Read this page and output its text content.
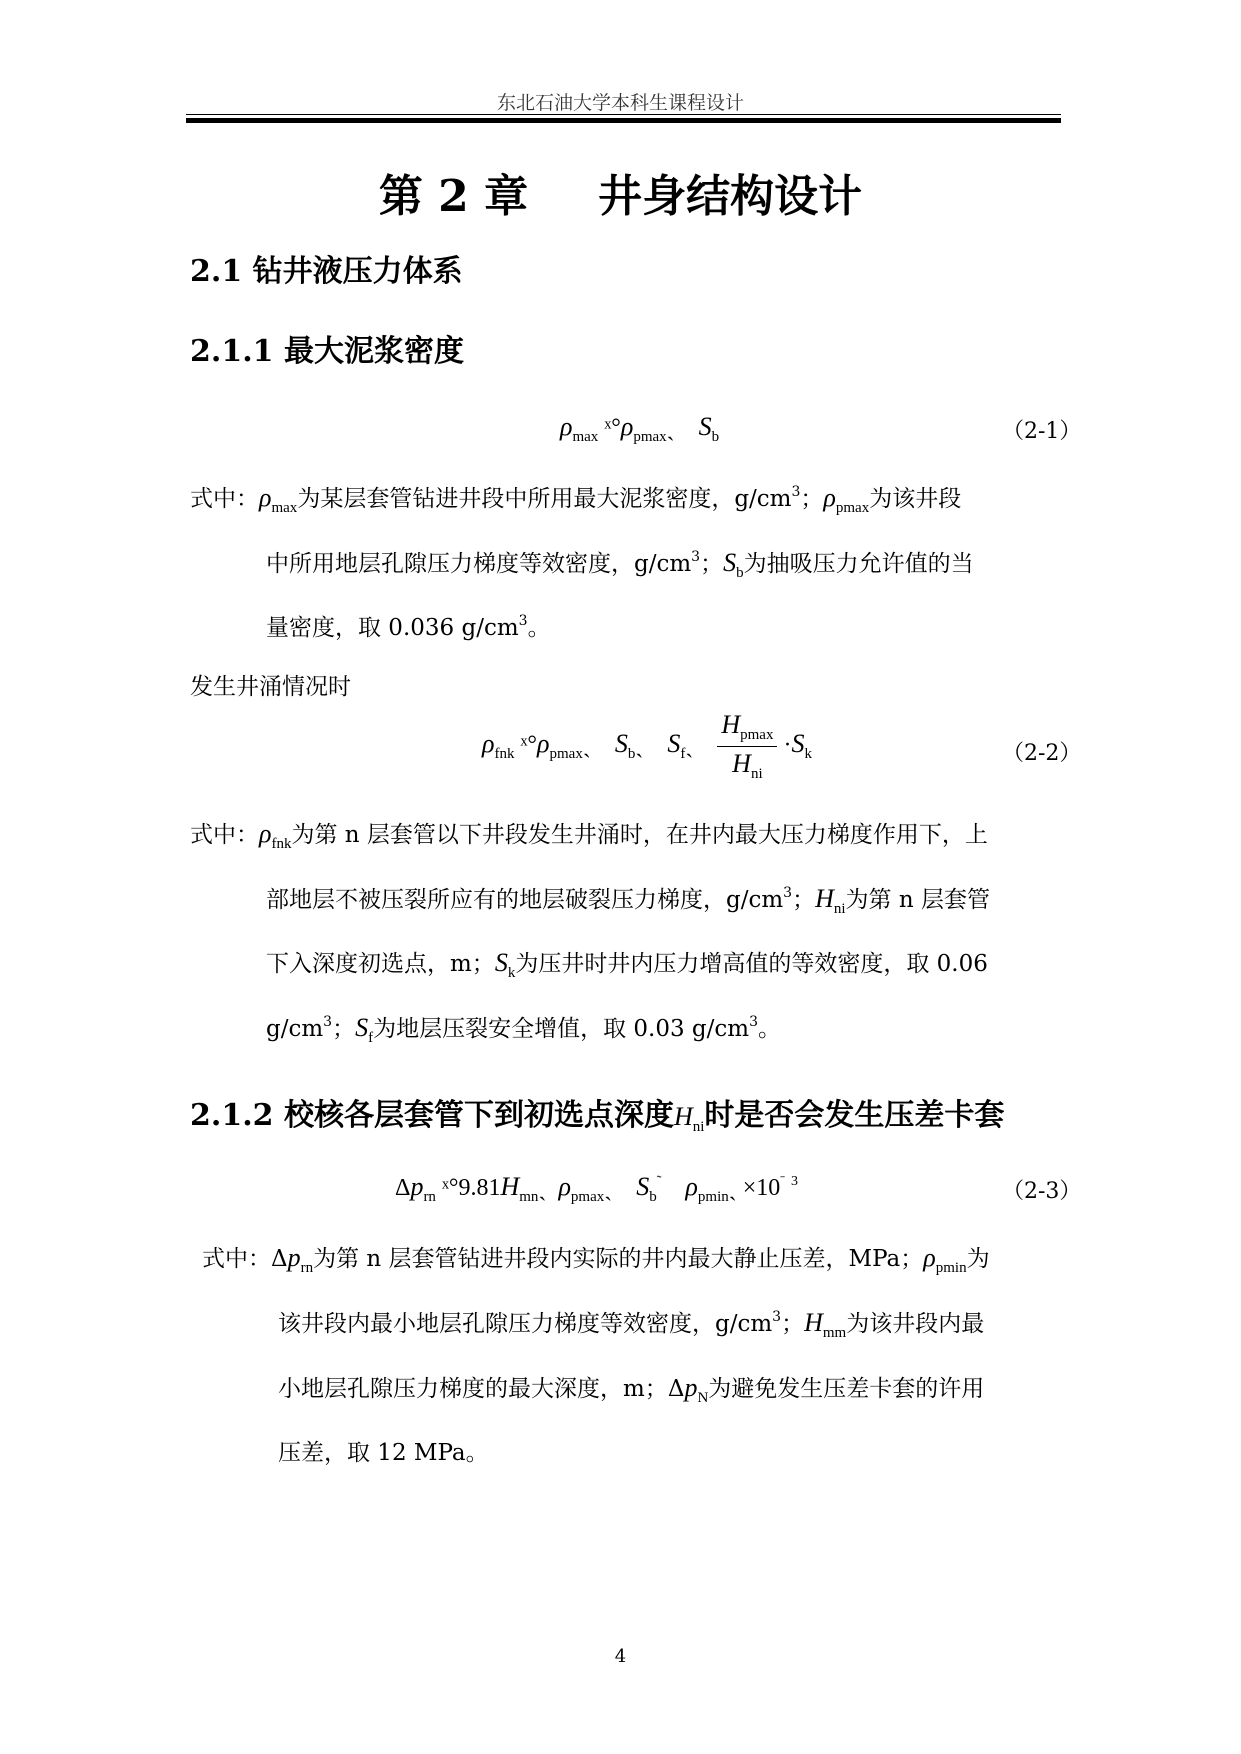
东北石油大学本科生课程设计
第 2 章 井身结构设计
2.1 钻井液压力体系
2.1.1 最大泥浆密度
$\rho_{max}$ $ˣ^\circ\rho_{pmax}ˏ$ $S_b$	（2-1）
式中：$\rho_{max}$为某层套管钻进井段中所用最大泥浆密度，$g/cm^3$；$\rho_{pmax}$为该井段
中所用地层孔隙压力梯度等效密度，$g/cm^3$；$S_b$为抽吸压力允许值的当
量密度，取 0.036 $g/cm^3$。
发生井涌情况时
$\rho_{fnk}$ $ˣ^\circ\rho_{pmax}ˏ$ $S_bˏ$ $S_fˏ \frac{H_{pmax}}{H_{ni}} \cdot S_k$	（2-2）
式中：$\rho_{fnk}$为第 n 层套管以下井段发生井涌时，在井内最大压力梯度作用下，上
部地层不被压裂所应有的地层破裂压力梯度，$g/cm^3$；$H_{ni}$为第 n 层套管
下入深度初选点，m；$S_k$为压井时井内压力增高值的等效密度，取 0.06
$g/cm^3$；$S_f$为地层压裂安全增值，取 0.03 $g/cm^3$。
2.1.2 校核各层套管下到初选点深度$H_{ni}$时是否会发生压差卡套
$\Delta p_{rn}$ $ˣ^\circ 9.81H_{mn}ˏ$ $\rho_{pmax}ˏ$ $S_b^˜$ $\rho_{pmin}ˏ \times 10^ˉ$ $^3$	（2-3）
式中：$\Delta p_{rn}$为第 n 层套管钻进井段内实际的井内最大静止压差，MPa；$\rho_{pmin}$为
该井段内最小地层孔隙压力梯度等效密度，$g/cm^3$；$H_{mm}$为该井段内最
小地层孔隙压力梯度的最大深度，m；$\Delta p_N$为避免发生压差卡套的许用
压差，取 12 MPa。
4
